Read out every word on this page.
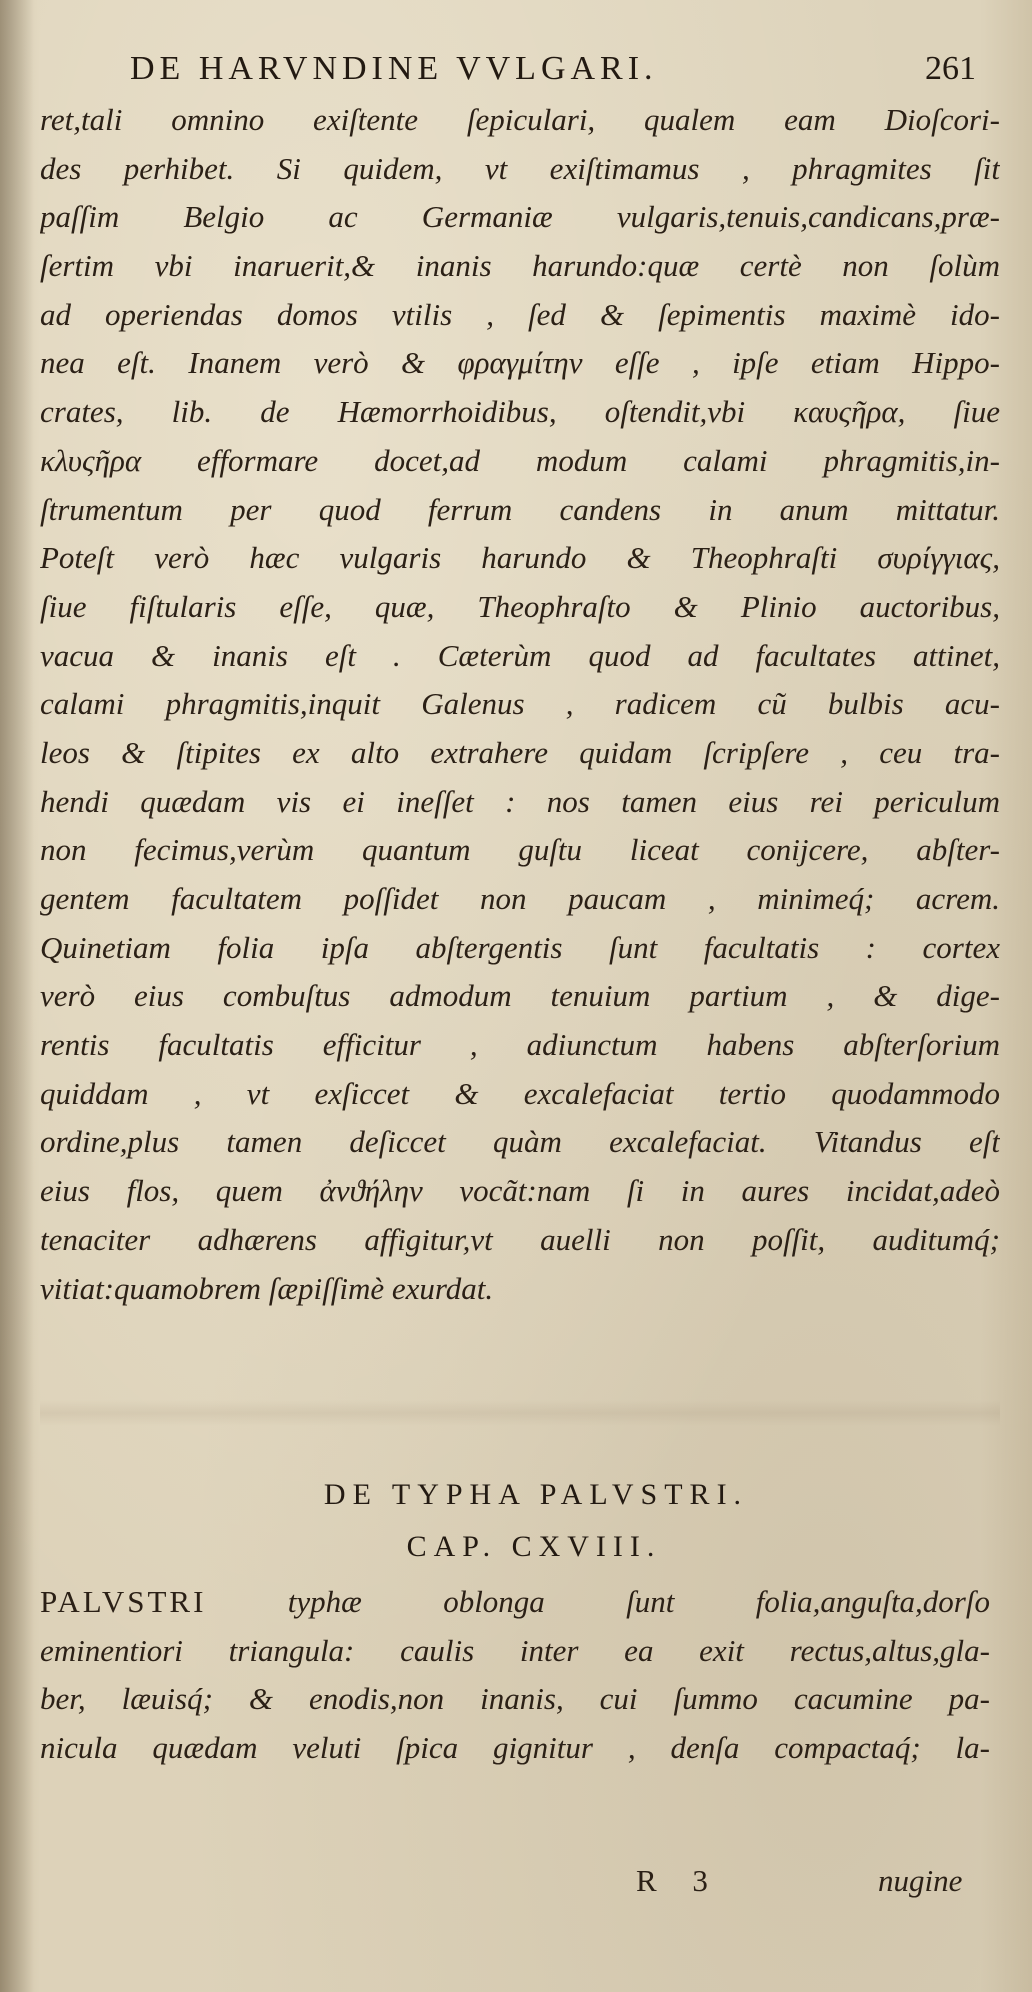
DE HARVNDINE VVLGARI.	261
ret,tali omnino exiſtente ſepiculari, qualem eam Dioſcori-
des perhibet. Si quidem, vt exiſtimamus , phragmites ſit
paſſim Belgio ac Germaniæ vulgaris,tenuis,candicans,præ-
ſertim vbi inaruerit,& inanis harundo:quæ certè non ſolùm
ad operiendas domos vtilis , ſed & ſepimentis maximè ido-
nea eſt. Inanem verò & φραγμίτην eſſe , ipſe etiam Hippo-
crates, lib. de Hæmorrhoidibus, oſtendit,vbi καυςῆρα, ſiue
κλυςῆρα efformare docet,ad modum calami phragmitis,in-
ſtrumentum per quod ferrum candens in anum mittatur.
Poteſt verò hæc vulgaris harundo & Theophraſti συρίγγιας,
ſiue fiſtularis eſſe, quæ, Theophraſto & Plinio auctoribus,
vacua & inanis eſt . Cæterùm quod ad facultates attinet,
calami phragmitis,inquit Galenus , radicem cũ bulbis acu-
leos & ſtipites ex alto extrahere quidam ſcripſere , ceu tra-
hendi quædam vis ei ineſſet : nos tamen eius rei periculum
non fecimus,verùm quantum guſtu liceat conijcere, abſter-
gentem facultatem poſſidet non paucam , minimeq́; acrem.
Quinetiam folia ipſa abſtergentis ſunt facultatis : cortex
verò eius combuſtus admodum tenuium partium , & dige-
rentis facultatis efficitur , adiunctum habens abſterſorium
quiddam , vt exſiccet & excalefaciat tertio quodammodo
ordine,plus tamen deſiccet quàm excalefaciat. Vitandus eſt
eius flos, quem ἀνϑήλην vocãt:nam ſi in aures incidat,adeò
tenaciter adhærens affigitur,vt auelli non poſſit, auditumq́;
vitiat:quamobrem ſæpiſſimè exurdat.
DE TYPHA PALVSTRI.
CAP. CXVIII.
PALVSTRI typhæ oblonga ſunt folia,anguſta,dorſo
eminentiori triangula: caulis inter ea exit rectus,altus,gla-
ber, læuisq́; & enodis,non inanis, cui ſummo cacumine pa-
nicula quædam veluti ſpica gignitur , denſa compactaq́; la-
R 3	nugine
